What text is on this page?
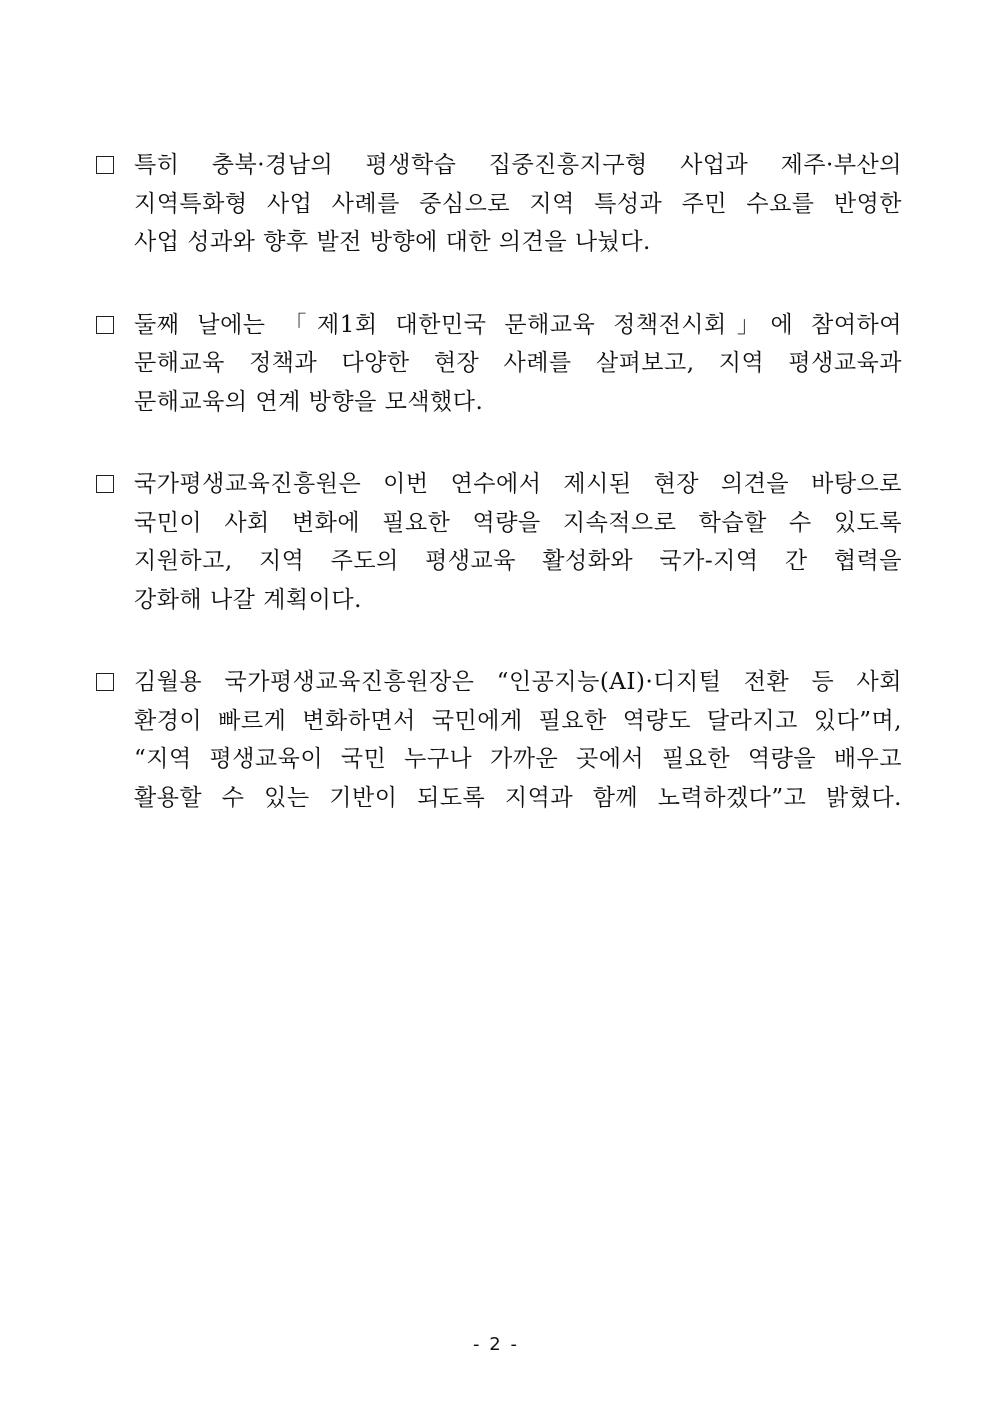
특히 충북·경남의 평생학습 집중진흥지구형 사업과 제주·부산의
지역특화형 사업 사례를 중심으로 지역 특성과 주민 수요를 반영한
사업 성과와 향후 발전 방향에 대한 의견을 나눴다.
둘째 날에는 「제1회 대한민국 문해교육 정책전시회」에 참여하여
문해교육 정책과 다양한 현장 사례를 살펴보고, 지역 평생교육과
문해교육의 연계 방향을 모색했다.
국가평생교육진흥원은 이번 연수에서 제시된 현장 의견을 바탕으로
국민이 사회 변화에 필요한 역량을 지속적으로 학습할 수 있도록
지원하고, 지역 주도의 평생교육 활성화와 국가-지역 간 협력을
강화해 나갈 계획이다.
김월용 국가평생교육진흥원장은 “인공지능(AI)·디지털 전환 등 사회
환경이 빠르게 변화하면서 국민에게 필요한 역량도 달라지고 있다”며,
“지역 평생교육이 국민 누구나 가까운 곳에서 필요한 역량을 배우고
활용할 수 있는 기반이 되도록 지역과 함께 노력하겠다”고 밝혔다.
- 2 -
